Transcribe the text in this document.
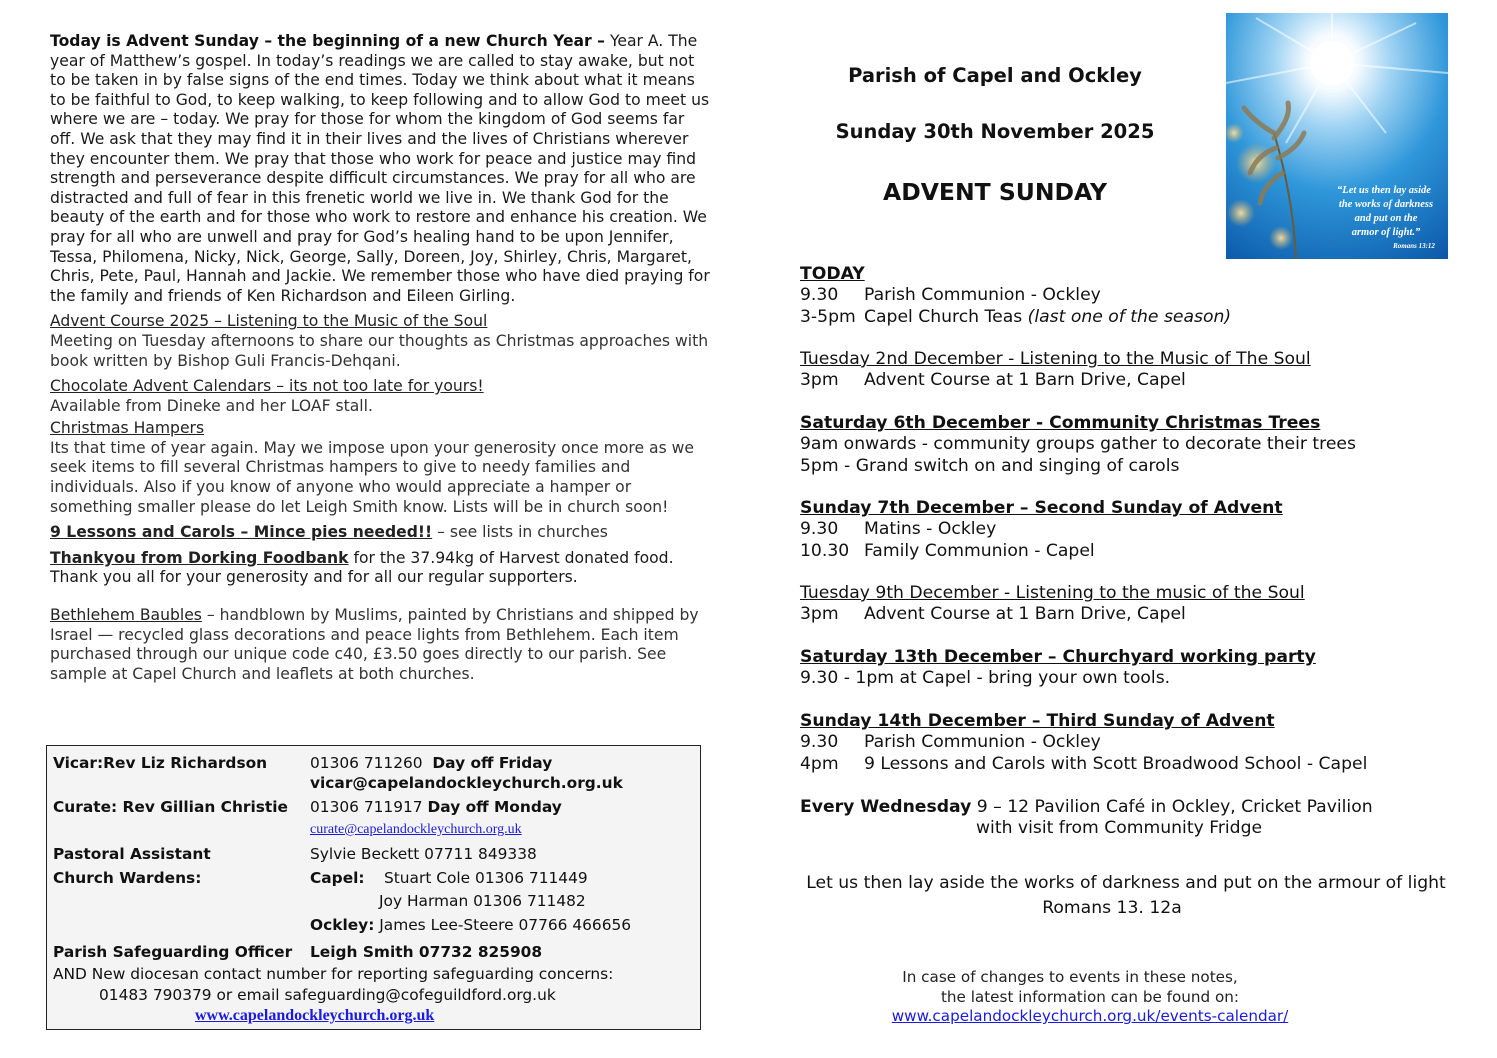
Today is Advent Sunday – the beginning of a new Church Year – Year A. The year of Matthew’s gospel. In today’s readings we are called to stay awake, but not to be taken in by false signs of the end times. Today we think about what it means to be faithful to God, to keep walking, to keep following and to allow God to meet us where we are – today. We pray for those for whom the kingdom of God seems far off. We ask that they may find it in their lives and the lives of Christians wherever they encounter them. We pray that those who work for peace and justice may find strength and perseverance despite difficult circumstances. We pray for all who are distracted and full of fear in this frenetic world we live in. We thank God for the beauty of the earth and for those who work to restore and enhance his creation. We pray for all who are unwell and pray for God’s healing hand to be upon Jennifer, Tessa, Philomena, Nicky, Nick, George, Sally, Doreen, Joy, Shirley, Chris, Margaret, Chris, Pete, Paul, Hannah and Jackie. We remember those who have died praying for the family and friends of Ken Richardson and Eileen Girling.

Advent Course 2025 – Listening to the Music of the Soul
Meeting on Tuesday afternoons to share our thoughts as Christmas approaches with book written by Bishop Guli Francis-Dehqani.

Chocolate Advent Calendars – its not too late for yours!
Available from Dineke and her LOAF stall.

Christmas Hampers
Its that time of year again. May we impose upon your generosity once more as we seek items to fill several Christmas hampers to give to needy families and individuals. Also if you know of anyone who would appreciate a hamper or something smaller please do let Leigh Smith know. Lists will be in church soon!

9 Lessons and Carols – Mince pies needed!! – see lists in churches

Thankyou from Dorking Foodbank for the 37.94kg of Harvest donated food. Thank you all for your generosity and for all our regular supporters.

Bethlehem Baubles – handblown by Muslims, painted by Christians and shipped by Israel — recycled glass decorations and peace lights from Bethlehem. Each item purchased through our unique code c40, £3.50 goes directly to our parish. See sample at Capel Church and leaflets at both churches.

Vicar:Rev Liz Richardson	01306 711260 Day off Friday
vicar@capelandockleychurch.org.uk
Curate: Rev Gillian Christie 01306 711917 Day off Monday
curate@capelandockleychurch.org.uk
Pastoral Assistant	Sylvie Beckett 07711 849338
Church Wardens:	Capel: Stuart Cole 01306 711449
Joy Harman 01306 711482
Ockley: James Lee-Steere 07766 466656
Parish Safeguarding Officer Leigh Smith 07732 825908
AND New diocesan contact number for reporting safeguarding concerns:
01483 790379 or email safeguarding@cofeguildford.org.uk
www.capelandockleychurch.org.uk
Parish of Capel and Ockley
Sunday 30th November 2025
ADVENT SUNDAY	“Let us then lay aside
the works of darkness
and put on the
armor of light.”
Romans 13:12
TODAY
9.30 Parish Communion - Ockley
3-5pm Capel Church Teas (last one of the season)
Tuesday 2nd December - Listening to the Music of The Soul
3pm Advent Course at 1 Barn Drive, Capel
Saturday 6th December - Community Christmas Trees
9am onwards - community groups gather to decorate their trees
5pm - Grand switch on and singing of carols
Sunday 7th December – Second Sunday of Advent
9.30 Matins - Ockley
10.30 Family Communion - Capel
Tuesday 9th December - Listening to the music of the Soul
3pm Advent Course at 1 Barn Drive, Capel
Saturday 13th December – Churchyard working party
9.30 - 1pm at Capel - bring your own tools.
Sunday 14th December – Third Sunday of Advent
9.30 Parish Communion - Ockley
4pm 9 Lessons and Carols with Scott Broadwood School - Capel
Every Wednesday 9 – 12 Pavilion Café in Ockley, Cricket Pavilion
with visit from Community Fridge
Let us then lay aside the works of darkness and put on the armour of light
Romans 13. 12a
In case of changes to events in these notes,
the latest information can be found on:
www.capelandockleychurch.org.uk/events-calendar/
